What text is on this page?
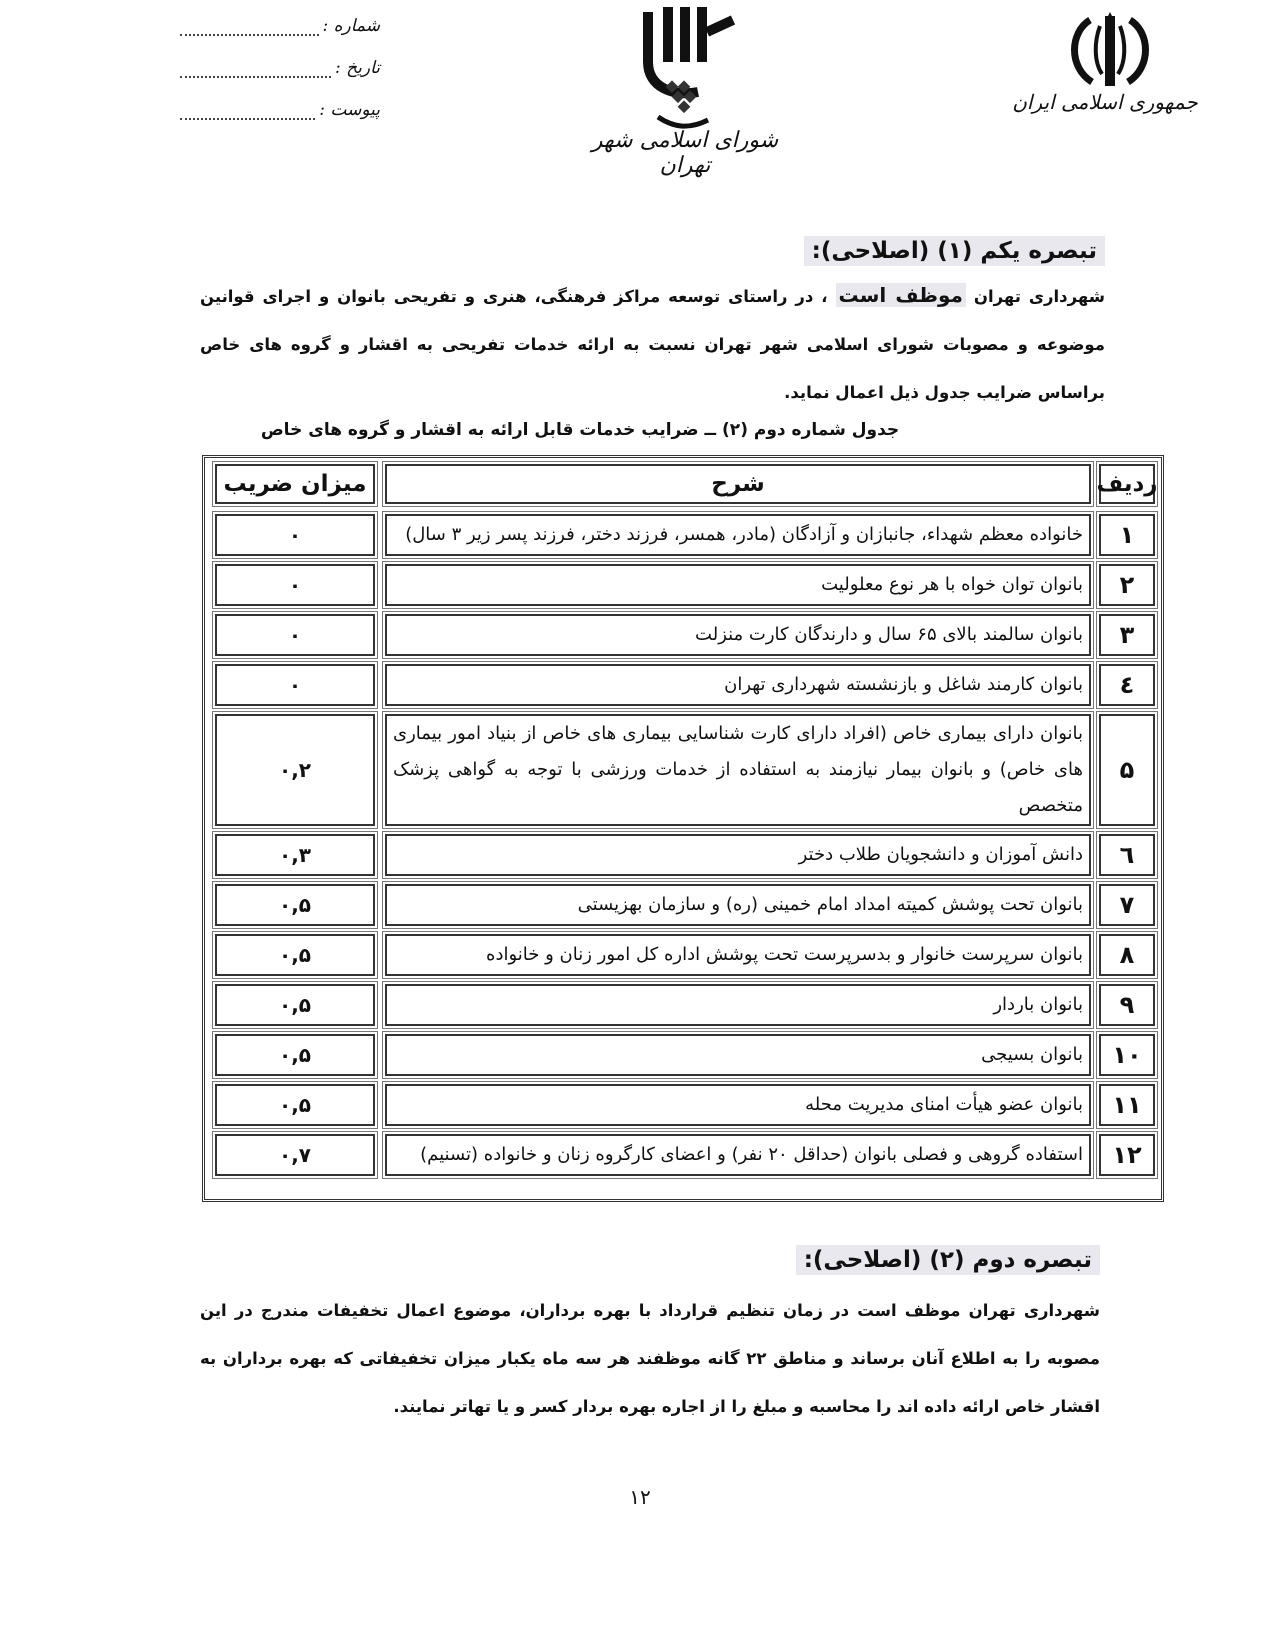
جمهوری اسلامی ایران
شورای اسلامی شهر تهران
شماره :
تاریخ :
پیوست :
تبصره یکم (۱) (اصلاحی):
شهرداری تهران موظف است ، در راستای توسعه مراکز فرهنگی، هنری و تفریحی بانوان و اجرای قوانین موضوعه و مصوبات شورای اسلامی شهر تهران نسبت به ارائه خدمات تفریحی به اقشار و گروه های خاص براساس ضرایب جدول ذیل اعمال نماید.
جدول شماره دوم (۲) ــ ضرایب خدمات قابل ارائه به اقشار و گروه های خاص
ردیف
شرح
میزان ضریب
۱
خانواده معظم شهداء، جانبازان و آزادگان (مادر، همسر، فرزند دختر، فرزند پسر زیر ۳ سال)
۰
۲
بانوان توان خواه با هر نوع معلولیت
۰
۳
بانوان سالمند بالای ۶۵ سال و دارندگان کارت منزلت
۰
٤
بانوان کارمند شاغل و بازنشسته شهرداری تهران
۰
۵
بانوان دارای بیماری خاص (افراد دارای کارت شناسایی بیماری های خاص از بنیاد امور بیماری های خاص) و بانوان بیمار نیازمند به استفاده از خدمات ورزشی با توجه به گواهی پزشک متخصص
۰,۲
٦
دانش آموزان و دانشجویان طلاب دختر
۰,۳
۷
بانوان تحت پوشش کمیته امداد امام خمینی (ره) و سازمان بهزیستی
۰,۵
۸
بانوان سرپرست خانوار و بدسرپرست تحت پوشش اداره کل امور زنان و خانواده
۰,۵
۹
بانوان باردار
۰,۵
۱۰
بانوان بسیجی
۰,۵
۱۱
بانوان عضو هیأت امنای مدیریت محله
۰,۵
۱۲
استفاده گروهی و فصلی بانوان (حداقل ۲۰ نفر) و اعضای کارگروه زنان و خانواده (تسنیم)
۰,۷
تبصره دوم (۲) (اصلاحی):
شهرداری تهران موظف است در زمان تنظیم قرارداد با بهره برداران، موضوع اعمال تخفیفات مندرج در این مصوبه را به اطلاع آنان برساند و مناطق ۲۲ گانه موظفند هر سه ماه یکبار میزان تخفیفاتی که بهره برداران به اقشار خاص ارائه داده اند را محاسبه و مبلغ را از اجاره بهره بردار کسر و یا تهاتر نمایند.
۱۲
